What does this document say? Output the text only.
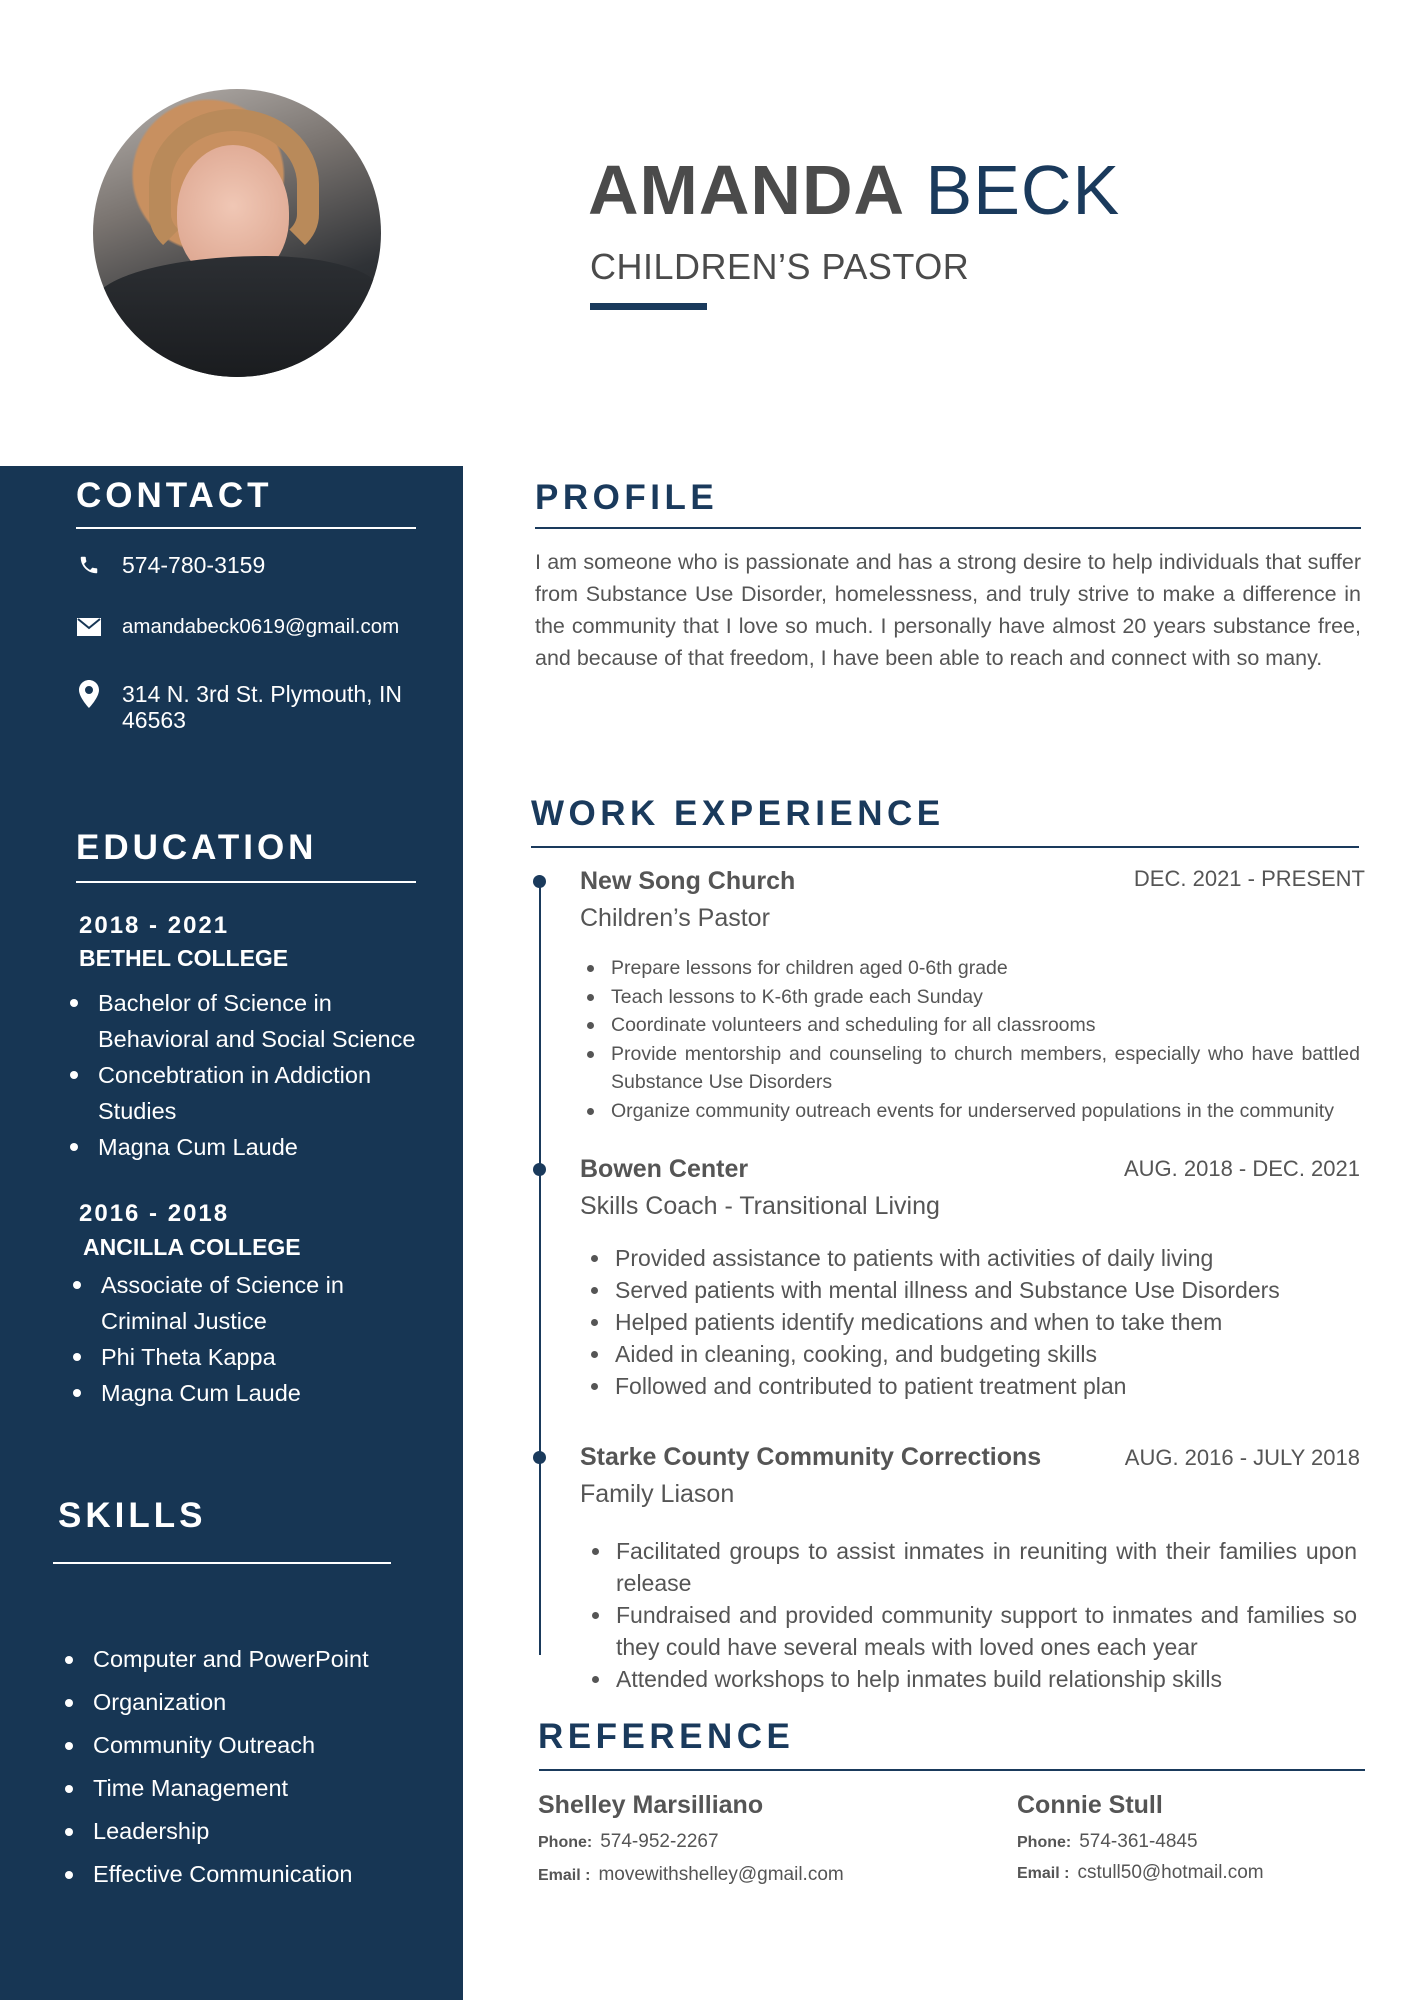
AMANDA BECK
CHILDREN’S PASTOR
CONTACT
574-780-3159
amandabeck0619@gmail.com
314 N. 3rd St. Plymouth, IN
46563
EDUCATION
2018 - 2021
BETHEL COLLEGE
Bachelor of Science in
Behavioral and Social Science
Concebtration in Addiction
Studies
Magna Cum Laude
2016 - 2018
ANCILLA COLLEGE
Associate of Science in
Criminal Justice
Phi Theta Kappa
Magna Cum Laude
SKILLS
Computer and PowerPoint
Organization
Community Outreach
Time Management
Leadership
Effective Communication
PROFILE
I am someone who is passionate and has a strong desire to help individuals that suffer from Substance Use Disorder, homelessness, and truly strive to make a difference in the community that I love so much. I personally have almost 20 years substance free, and because of that freedom, I have been able to reach and connect with so many.
WORK EXPERIENCE
New Song Church	DEC. 2021 - PRESENT
Children’s Pastor
Prepare lessons for children aged 0-6th grade
Teach lessons to K-6th grade each Sunday
Coordinate volunteers and scheduling for all classrooms
Provide mentorship and counseling to church members, especially who have battled Substance Use Disorders
Organize community outreach events for underserved populations in the community
Bowen Center	AUG. 2018 - DEC. 2021
Skills Coach - Transitional Living
Provided assistance to patients with activities of daily living
Served patients with mental illness and Substance Use Disorders
Helped patients identify medications and when to take them
Aided in cleaning, cooking, and budgeting skills
Followed and contributed to patient treatment plan
Starke County Community Corrections	AUG. 2016 - JULY 2018
Family Liason
Facilitated groups to assist inmates in reuniting with their families upon release
Fundraised and provided community support to inmates and families so they could have several meals with loved ones each year
Attended workshops to help inmates build relationship skills
REFERENCE
Shelley Marsilliano
Phone: 574-952-2267
Email : movewithshelley@gmail.com
Connie Stull
Phone: 574-361-4845
Email : cstull50@hotmail.com
